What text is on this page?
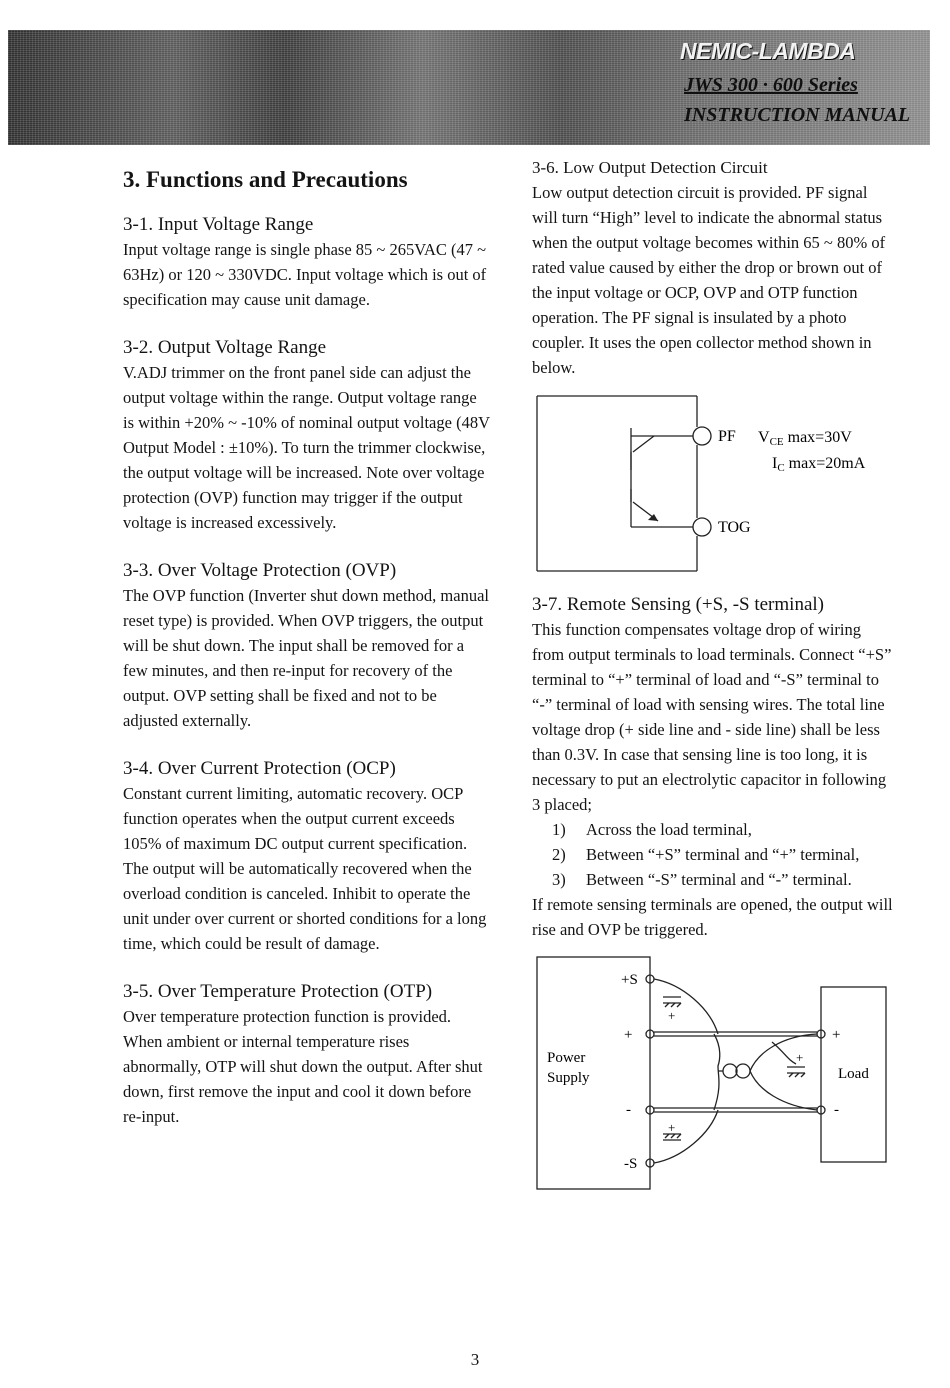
NEMIC-LAMBDA
JWS 300 · 600 Series
INSTRUCTION MANUAL
3. Functions and Precautions
3-1. Input Voltage Range

Input voltage range is single phase 85 ~ 265VAC (47 ~ 63Hz) or 120 ~ 330VDC. Input voltage which is out of specification may cause unit damage.

3-2. Output Voltage Range

V.ADJ trimmer on the front panel side can adjust the output voltage within the range. Output voltage range is within +20% ~ -10% of nominal output voltage (48V Output Model : ±10%). To turn the trimmer clockwise, the output voltage will be increased. Note over voltage protection (OVP) function may trigger if the output voltage is increased excessively.

3-3. Over Voltage Protection (OVP)

The OVP function (Inverter shut down method, manual reset type) is provided. When OVP triggers, the output will be shut down. The input shall be removed for a few minutes, and then re-input for recovery of the output. OVP setting shall be fixed and not to be adjusted externally.

3-4. Over Current Protection (OCP)

Constant current limiting, automatic recovery. OCP function operates when the output current exceeds 105% of maximum DC output current specification. The output will be automatically recovered when the overload condition is canceled. Inhibit to operate the unit under over current or shorted conditions for a long time, which could be result of damage.

3-5. Over Temperature Protection (OTP)

Over temperature protection function is provided. When ambient or internal temperature rises abnormally, OTP will shut down the output. After shut down, first remove the input and cool it down before re-input.

3-6. Low Output Detection Circuit

Low output detection circuit is provided. PF signal will turn “High” level to indicate the abnormal status when the output voltage becomes within 65 ~ 80% of rated value caused by either the drop or brown out of the input voltage or OCP, OVP and OTP function operation. The PF signal is insulated by a photo coupler. It uses the open collector method shown in below.

PF
TOG
VCE max=30V
IC max=20mA
3-7. Remote Sensing (+S, -S terminal)

This function compensates voltage drop of wiring from output terminals to load terminals. Connect “+S” terminal to “+” terminal of load and “-S” terminal to “-” terminal of load with sensing wires. The total line voltage drop (+ side line and - side line) shall be less than 0.3V. In case that sensing line is too long, it is necessary to put an electrolytic capacitor in following 3 placed;

1) Across the load terminal,
2) Between “+S” terminal and “+” terminal,
3) Between “-S” terminal and “-” terminal.

If remote sensing terminals are opened, the output will rise and OVP be triggered.

Power
Supply	Load
+S
+
-
-S
+
-
+
+
+
3
